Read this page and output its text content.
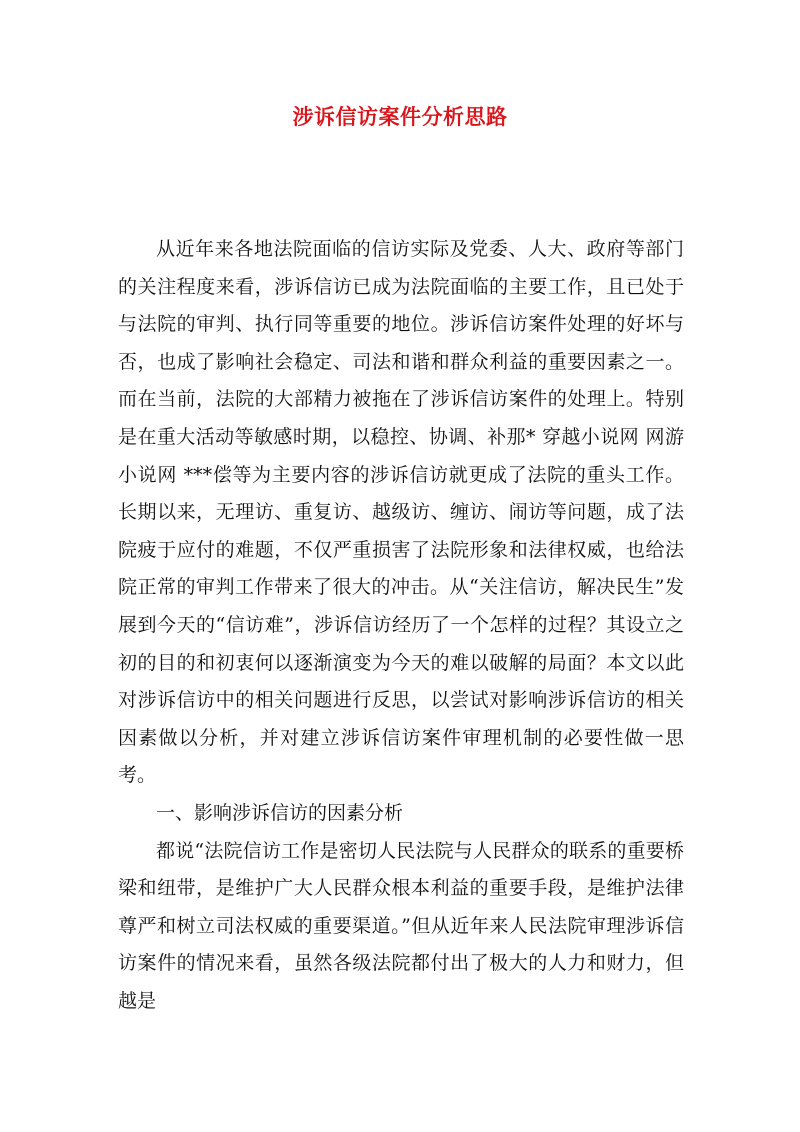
涉诉信访案件分析思路

从近年来各地法院面临的信访实际及党委、人大、政府等部门的关注程度来看，涉诉信访已成为法院面临的主要工作，且已处于与法院的审判、执行同等重要的地位。涉诉信访案件处理的好坏与否，也成了影响社会稳定、司法和谐和群众利益的重要因素之一。而在当前，法院的大部精力被拖在了涉诉信访案件的处理上。特别是在重大活动等敏感时期，以稳控、协调、补那* 穿越小说网 网游小说网 ***偿等为主要内容的涉诉信访就更成了法院的重头工作。长期以来，无理访、重复访、越级访、缠访、闹访等问题，成了法院疲于应付的难题，不仅严重损害了法院形象和法律权威，也给法院正常的审判工作带来了很大的冲击。从“关注信访，解决民生”发展到今天的“信访难”，涉诉信访经历了一个怎样的过程？其设立之初的目的和初衷何以逐渐演变为今天的难以破解的局面？本文以此对涉诉信访中的相关问题进行反思，以尝试对影响涉诉信访的相关因素做以分析，并对建立涉诉信访案件审理机制的必要性做一思考。

一、影响涉诉信访的因素分析

都说“法院信访工作是密切人民法院与人民群众的联系的重要桥梁和纽带，是维护广大人民群众根本利益的重要手段，是维护法律尊严和树立司法权威的重要渠道。”但从近年来人民法院审理涉诉信访案件的情况来看，虽然各级法院都付出了极大的人力和财力，但越是
